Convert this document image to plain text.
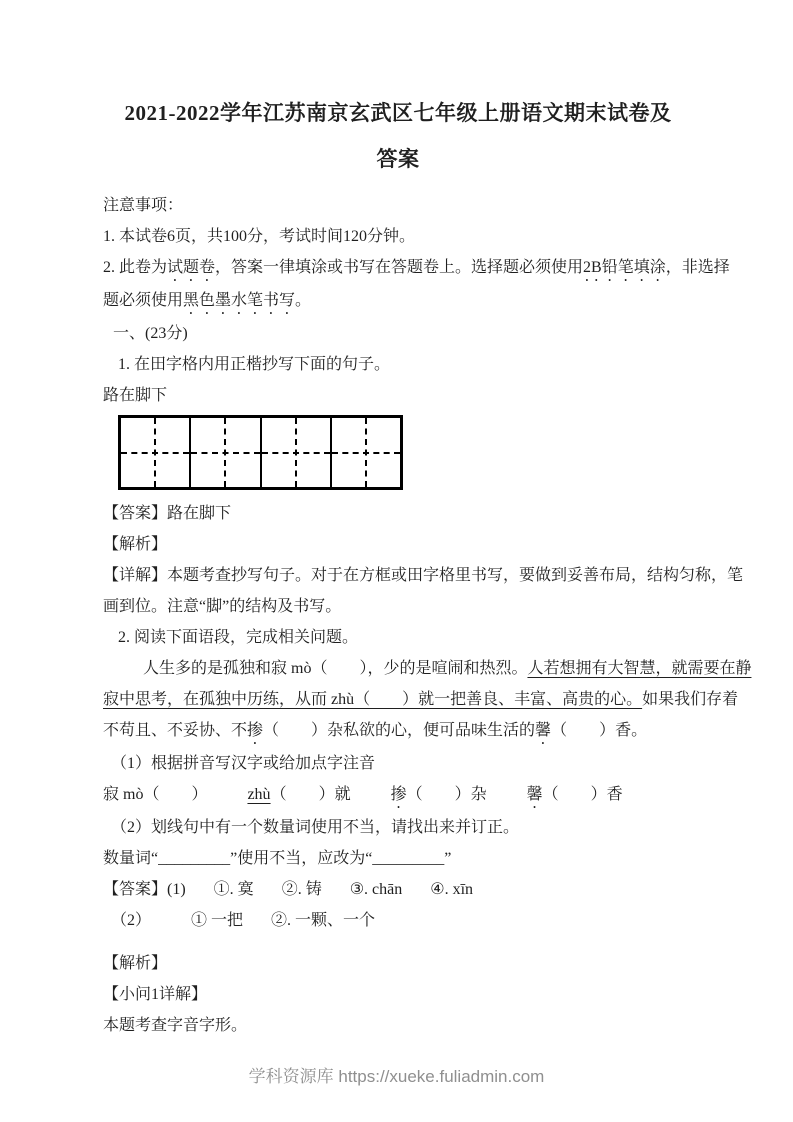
2021-2022学年江苏南京玄武区七年级上册语文期末试卷及
答案
注意事项：
1. 本试卷6页，共100分，考试时间120分钟。
2. 此卷为试题卷，答案一律填涂或书写在答题卷上。选择题必须使用2B铅笔填涂，非选择
题必须使用黑色墨水笔书写。
一、(23分)
1. 在田字格内用正楷抄写下面的句子。
路在脚下
【答案】路在脚下
【解析】
【详解】本题考查抄写句子。对于在方框或田字格里书写，要做到妥善布局，结构匀称，笔
画到位。注意“脚”的结构及书写。
2. 阅读下面语段，完成相关问题。
人生多的是孤独和寂 mò（　　），少的是喧闹和热烈。人若想拥有大智慧，就需要在静
寂中思考，在孤独中历练，从而 zhù（　　）就一把善良、丰富、高贵的心。如果我们存着
不苟且、不妥协、不掺（　　）杂私欲的心，便可品味生活的馨（　　）香。
（1）根据拼音写汉字或给加点字注音
寂 mò（　　）	zhù（　　）就	掺（　　）杂	馨（　　）香
（2）划线句中有一个数量词使用不当，请找出来并订正。
数量词“_________”使用不当，应改为“_________”
【答案】(1) ①. 寞 ②. 铸 ③. chān ④. xīn
（2）	① 一把 ②. 一颗、一个
【解析】
【小问1详解】
本题考查字音字形。
学科资源库 https://xueke.fuliadmin.com
